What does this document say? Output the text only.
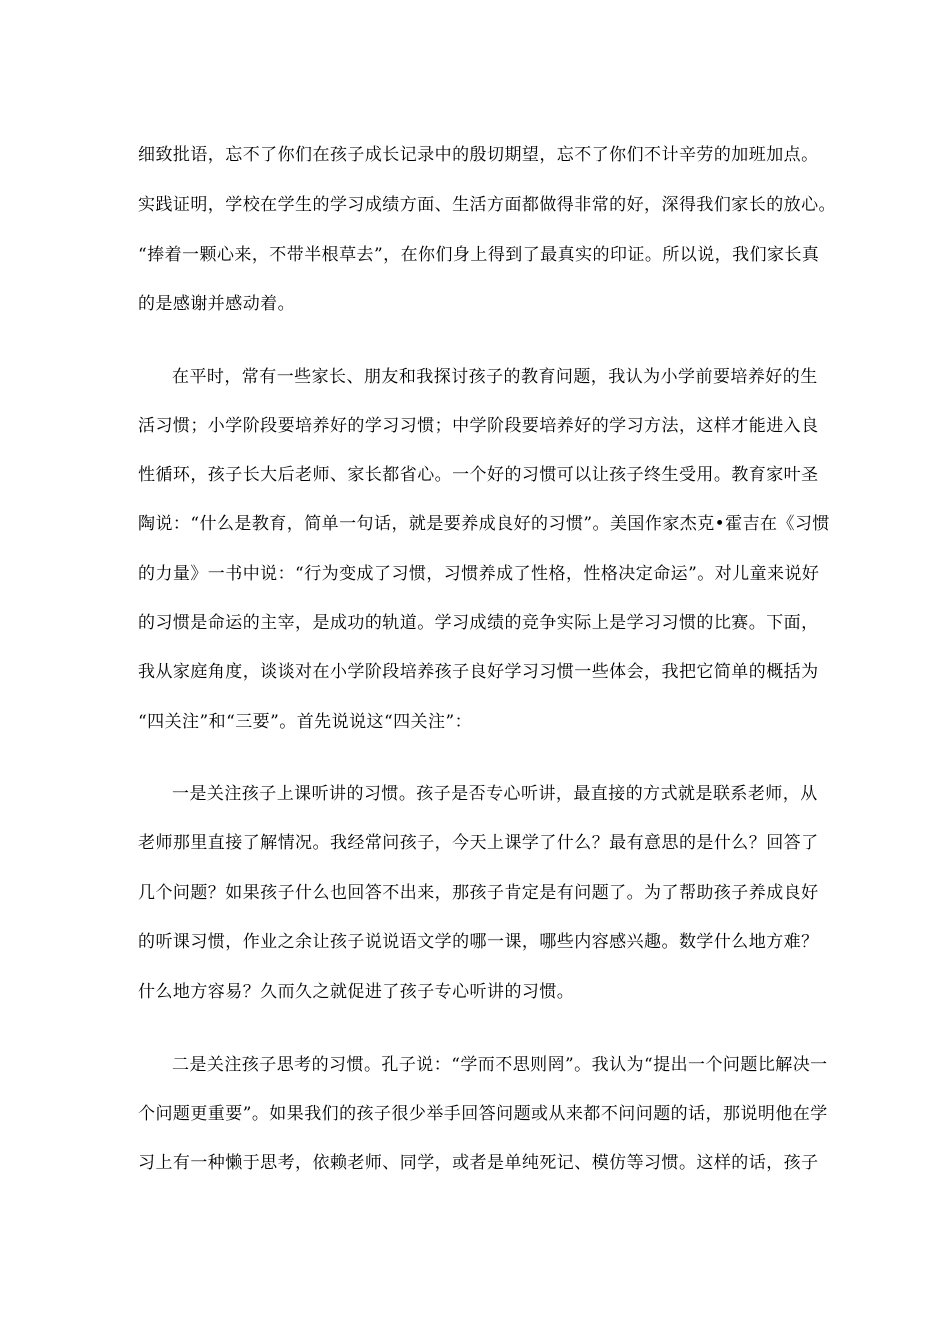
细致批语，忘不了你们在孩子成长记录中的殷切期望，忘不了你们不计辛劳的加班加点。
实践证明，学校在学生的学习成绩方面、生活方面都做得非常的好，深得我们家长的放心。
“捧着一颗心来，不带半根草去”，在你们身上得到了最真实的印证。所以说，我们家长真
的是感谢并感动着。
在平时，常有一些家长、朋友和我探讨孩子的教育问题，我认为小学前要培养好的生
活习惯；小学阶段要培养好的学习习惯；中学阶段要培养好的学习方法，这样才能进入良
性循环，孩子长大后老师、家长都省心。一个好的习惯可以让孩子终生受用。教育家叶圣
陶说：“什么是教育，简单一句话，就是要养成良好的习惯”。美国作家杰克•霍吉在《习惯
的力量》一书中说：“行为变成了习惯，习惯养成了性格，性格决定命运”。对儿童来说好
的习惯是命运的主宰，是成功的轨道。学习成绩的竞争实际上是学习习惯的比赛。下面，
我从家庭角度，谈谈对在小学阶段培养孩子良好学习习惯一些体会，我把它简单的概括为
“四关注”和“三要”。首先说说这“四关注”：
一是关注孩子上课听讲的习惯。孩子是否专心听讲，最直接的方式就是联系老师，从
老师那里直接了解情况。我经常问孩子，今天上课学了什么？最有意思的是什么？回答了
几个问题？如果孩子什么也回答不出来，那孩子肯定是有问题了。为了帮助孩子养成良好
的听课习惯，作业之余让孩子说说语文学的哪一课，哪些内容感兴趣。数学什么地方难？
什么地方容易？久而久之就促进了孩子专心听讲的习惯。
二是关注孩子思考的习惯。孔子说：“学而不思则罔”。我认为“提出一个问题比解决一
个问题更重要”。如果我们的孩子很少举手回答问题或从来都不问问题的话，那说明他在学
习上有一种懒于思考，依赖老师、同学，或者是单纯死记、模仿等习惯。这样的话，孩子
